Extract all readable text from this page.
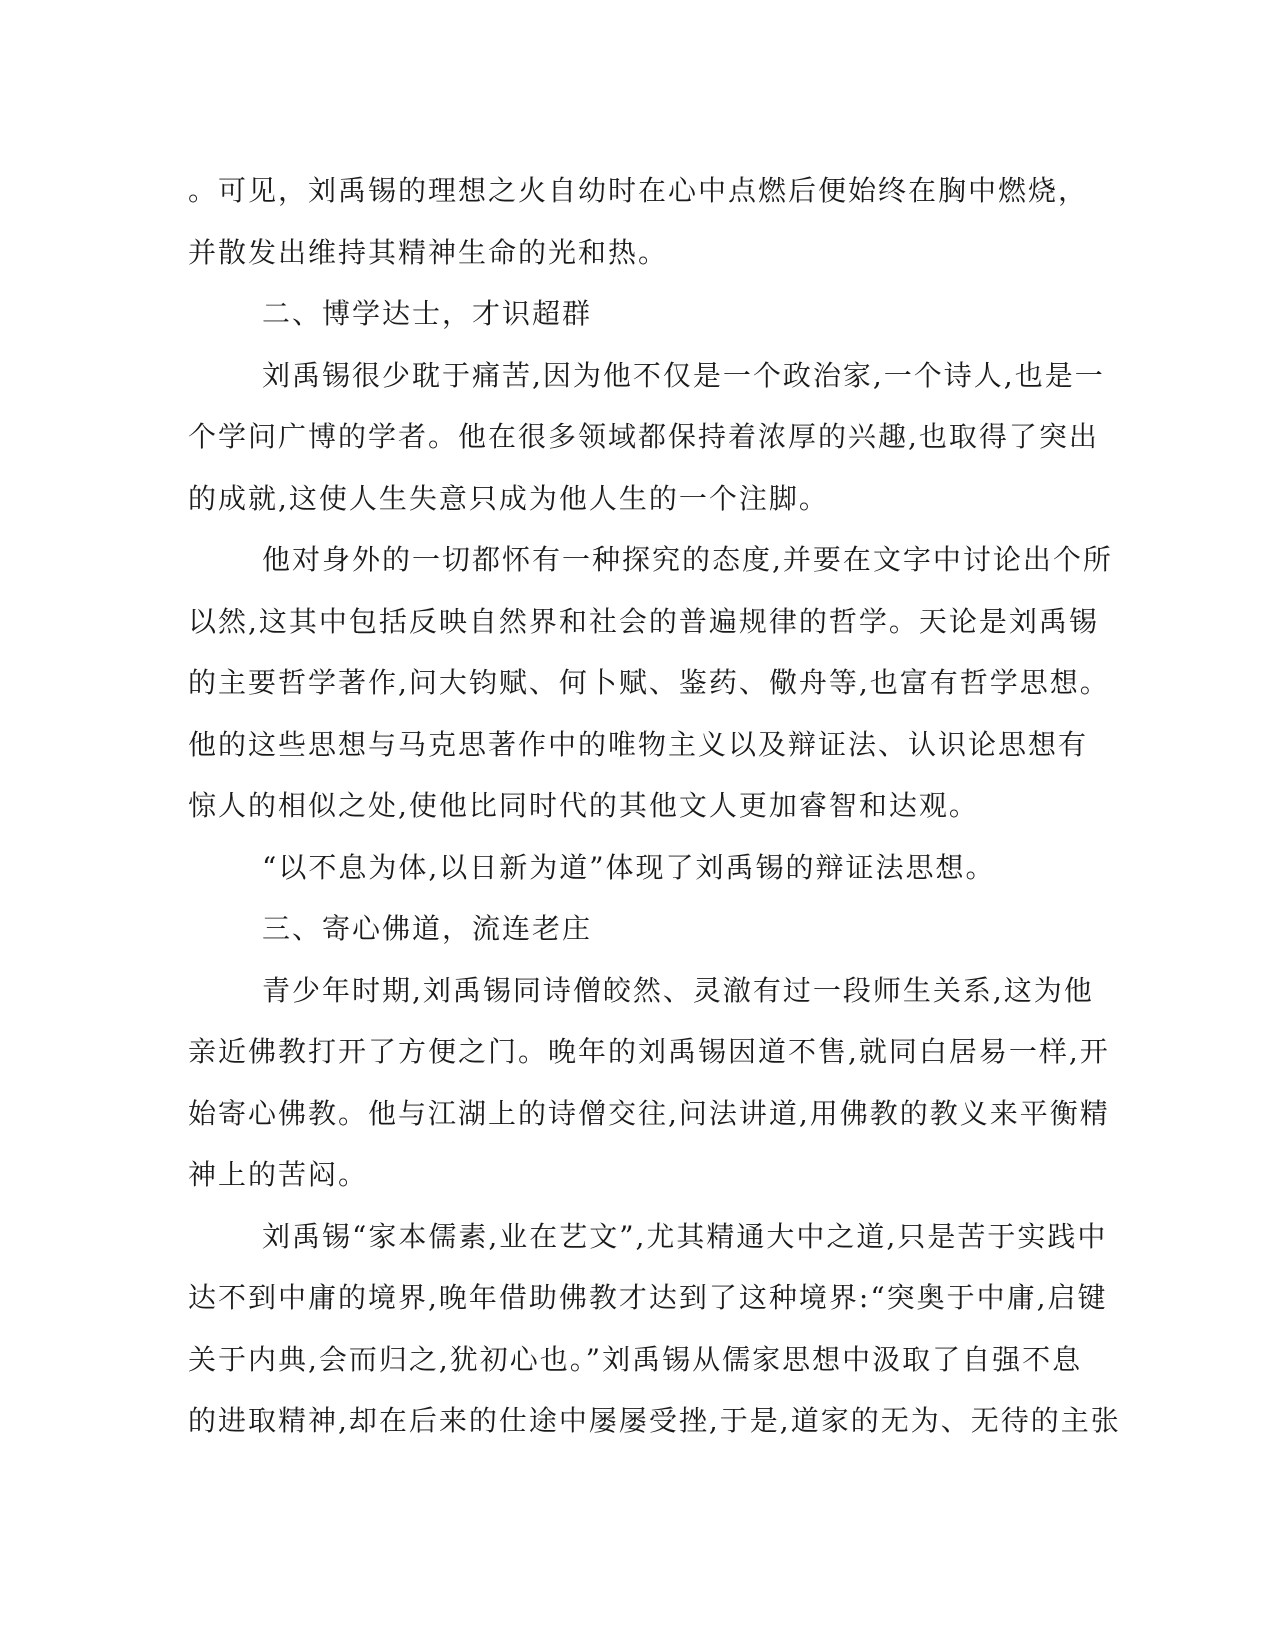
。可见，刘禹锡的理想之火自幼时在心中点燃后便始终在胸中燃烧，
并散发出维持其精神生命的光和热。
二、博学达士，才识超群
刘禹锡很少耽于痛苦,因为他不仅是一个政治家,一个诗人,也是一
个学问广博的学者。他在很多领域都保持着浓厚的兴趣,也取得了突出
的成就,这使人生失意只成为他人生的一个注脚。
他对身外的一切都怀有一种探究的态度,并要在文字中讨论出个所
以然,这其中包括反映自然界和社会的普遍规律的哲学。天论是刘禹锡
的主要哲学著作,问大钧赋、何卜赋、鉴药、儆舟等,也富有哲学思想。
他的这些思想与马克思著作中的唯物主义以及辩证法、认识论思想有
惊人的相似之处,使他比同时代的其他文人更加睿智和达观。
“以不息为体,以日新为道”体现了刘禹锡的辩证法思想。
三、寄心佛道，流连老庄
青少年时期,刘禹锡同诗僧皎然、灵澈有过一段师生关系,这为他
亲近佛教打开了方便之门。晚年的刘禹锡因道不售,就同白居易一样,开
始寄心佛教。他与江湖上的诗僧交往,问法讲道,用佛教的教义来平衡精
神上的苦闷。
刘禹锡“家本儒素,业在艺文”,尤其精通大中之道,只是苦于实践中
达不到中庸的境界,晚年借助佛教才达到了这种境界:“突奥于中庸,启键
关于内典,会而归之,犹初心也。”刘禹锡从儒家思想中汲取了自强不息
的进取精神,却在后来的仕途中屡屡受挫,于是,道家的无为、无待的主张
